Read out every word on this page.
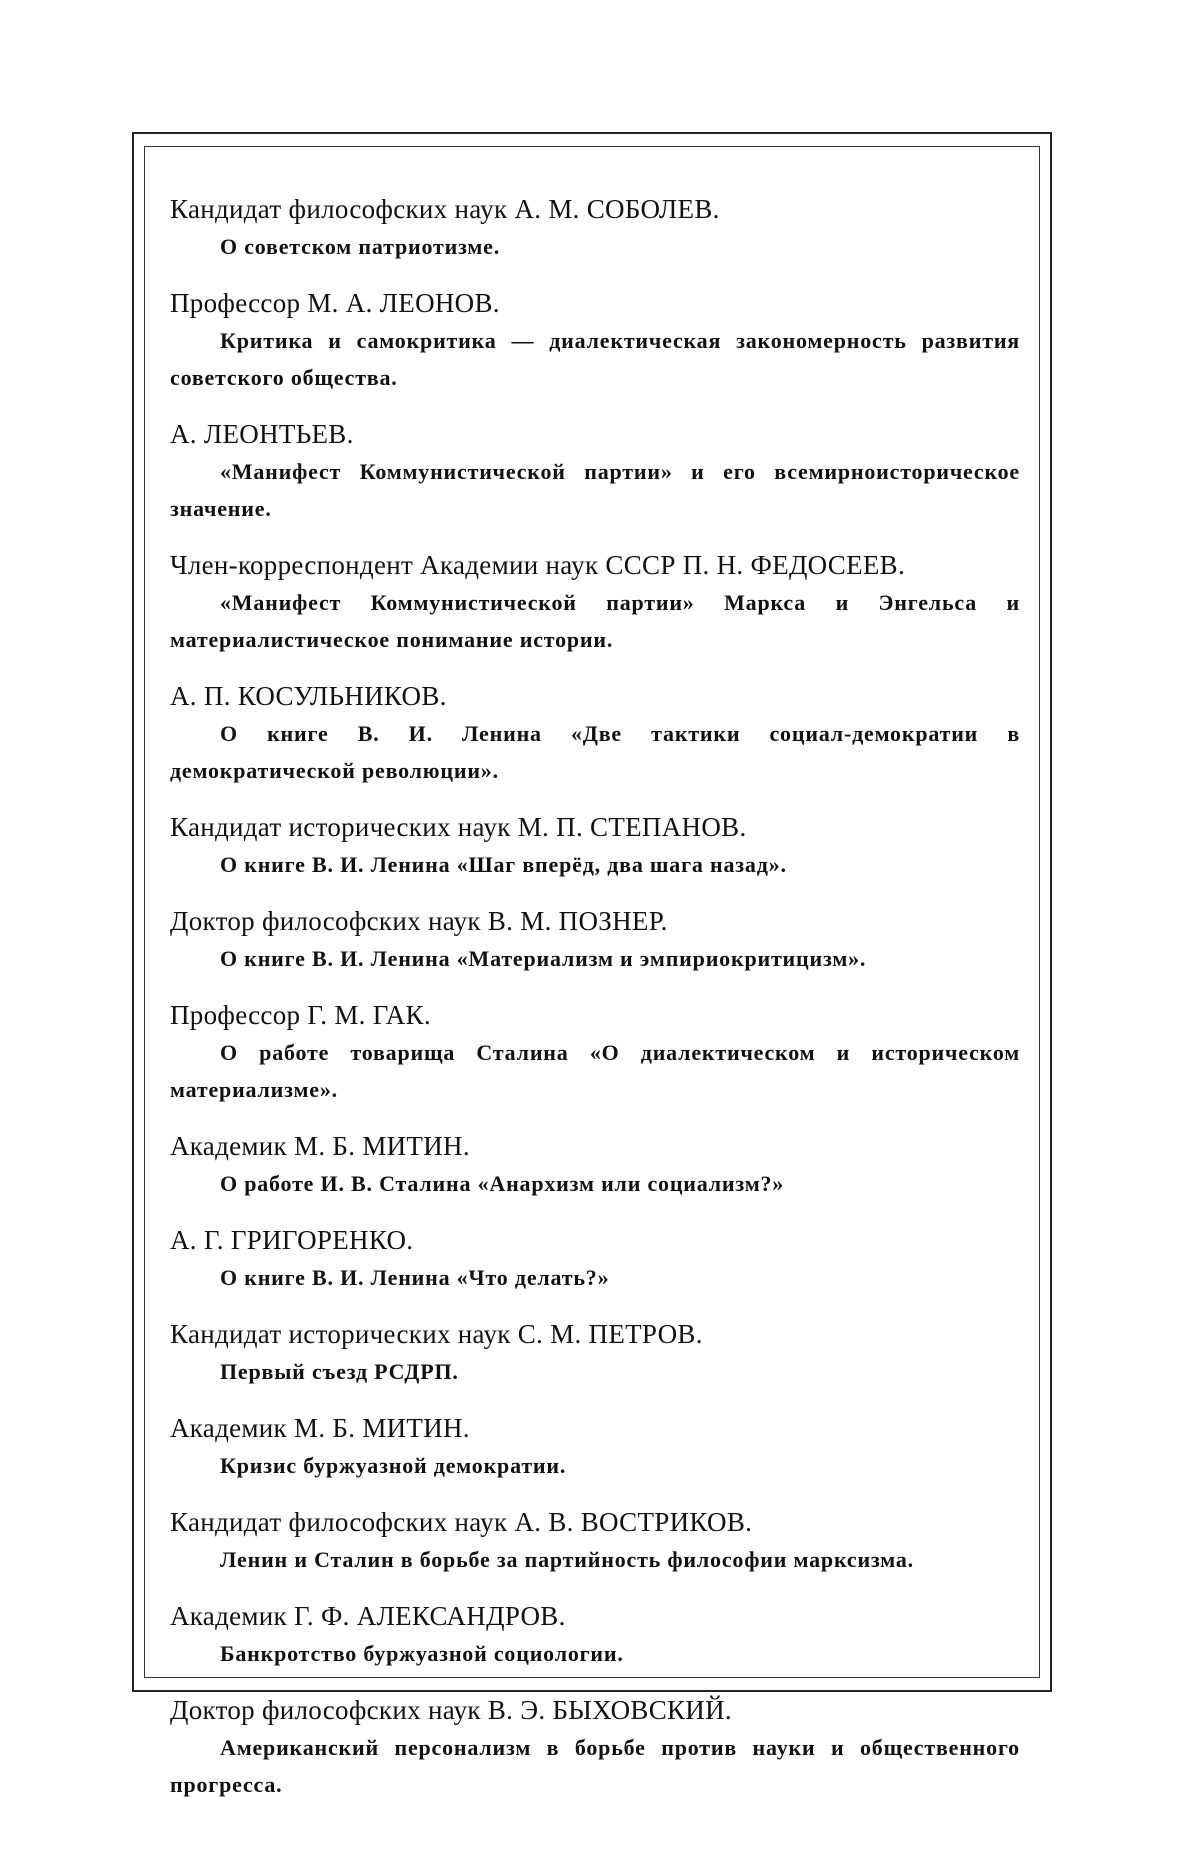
Кандидат философских наук А. М. СОБОЛЕВ.
О советском патриотизме.
Профессор М. А. ЛЕОНОВ.
Критика и самокритика — диалектическая закономерность развития советского общества.
А. ЛЕОНТЬЕВ.
«Манифест Коммунистической партии» и его всемирноисторическое значение.
Член-корреспондент Академии наук СССР П. Н. ФЕДОСЕЕВ.
«Манифест Коммунистической партии» Маркса и Энгельса и материалистическое понимание истории.
А. П. КОСУЛЬНИКОВ.
О книге В. И. Ленина «Две тактики социал-демократии в демократической революции».
Кандидат исторических наук М. П. СТЕПАНОВ.
О книге В. И. Ленина «Шаг вперёд, два шага назад».
Доктор философских наук В. М. ПОЗНЕР.
О книге В. И. Ленина «Материализм и эмпириокритицизм».
Профессор Г. М. ГАК.
О работе товарища Сталина «О диалектическом и историческом материализме».
Академик М. Б. МИТИН.
О работе И. В. Сталина «Анархизм или социализм?»
А. Г. ГРИГОРЕНКО.
О книге В. И. Ленина «Что делать?»
Кандидат исторических наук С. М. ПЕТРОВ.
Первый съезд РСДРП.
Академик М. Б. МИТИН.
Кризис буржуазной демократии.
Кандидат философских наук А. В. ВОСТРИКОВ.
Ленин и Сталин в борьбе за партийность философии марксизма.
Академик Г. Ф. АЛЕКСАНДРОВ.
Банкротство буржуазной социологии.
Доктор философских наук В. Э. БЫХОВСКИЙ.
Американский персонализм в борьбе против науки и общественного прогресса.
